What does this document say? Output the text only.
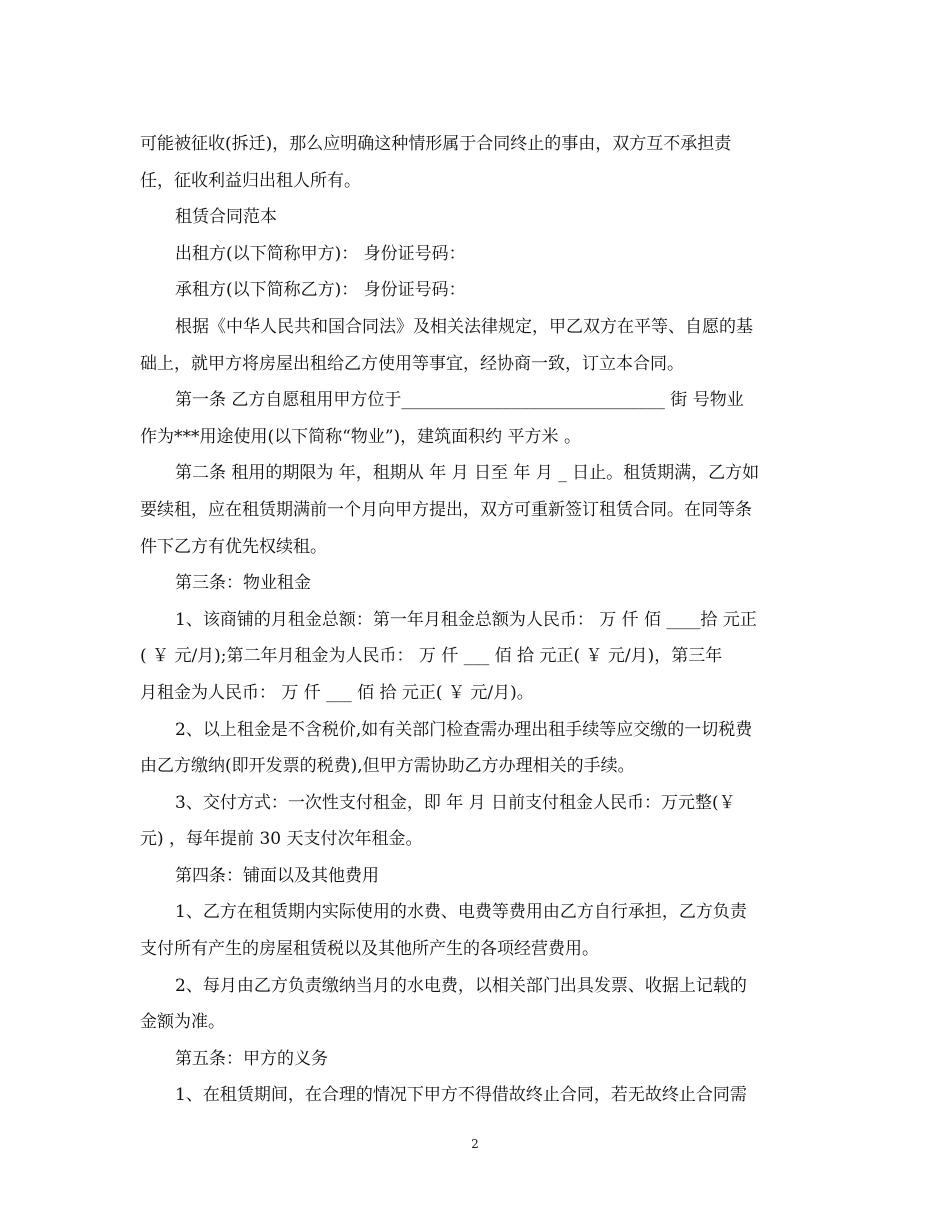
可能被征收(拆迁)，那么应明确这种情形属于合同终止的事由，双方互不承担责
任，征收利益归出租人所有。
租赁合同范本
出租方(以下简称甲方)： 身份证号码：
承租方(以下简称乙方)： 身份证号码：
根据《中华人民共和国合同法》及相关法律规定，甲乙双方在平等、自愿的基
础上，就甲方将房屋出租给乙方使用等事宜，经协商一致，订立本合同。
第一条 乙方自愿租用甲方位于_______________________________ 街 号物业
作为***用途使用(以下简称“物业”)，建筑面积约 平方米 。
第二条 租用的期限为 年，租期从 年 月 日至 年 月 _ 日止。租赁期满，乙方如
要续租，应在租赁期满前一个月向甲方提出，双方可重新签订租赁合同。在同等条
件下乙方有优先权续租。
第三条：物业租金
1、该商铺的月租金总额：第一年月租金总额为人民币： 万 仟 佰 ____拾 元正
( ￥ 元/月);第二年月租金为人民币： 万 仟 ___ 佰 拾 元正( ￥ 元/月)，第三年
月租金为人民币： 万 仟 ___ 佰 拾 元正( ￥ 元/月)。
2、以上租金是不含税价,如有关部门检查需办理出租手续等应交缴的一切税费
由乙方缴纳(即开发票的税费),但甲方需协助乙方办理相关的手续。
3、交付方式：一次性支付租金，即 年 月 日前支付租金人民币：万元整(￥
元) ，每年提前 30 天支付次年租金。
第四条：铺面以及其他费用
1、乙方在租赁期内实际使用的水费、电费等费用由乙方自行承担，乙方负责
支付所有产生的房屋租赁税以及其他所产生的各项经营费用。
2、每月由乙方负责缴纳当月的水电费，以相关部门出具发票、收据上记载的
金额为准。
第五条：甲方的义务
1、在租赁期间，在合理的情况下甲方不得借故终止合同，若无故终止合同需
2
